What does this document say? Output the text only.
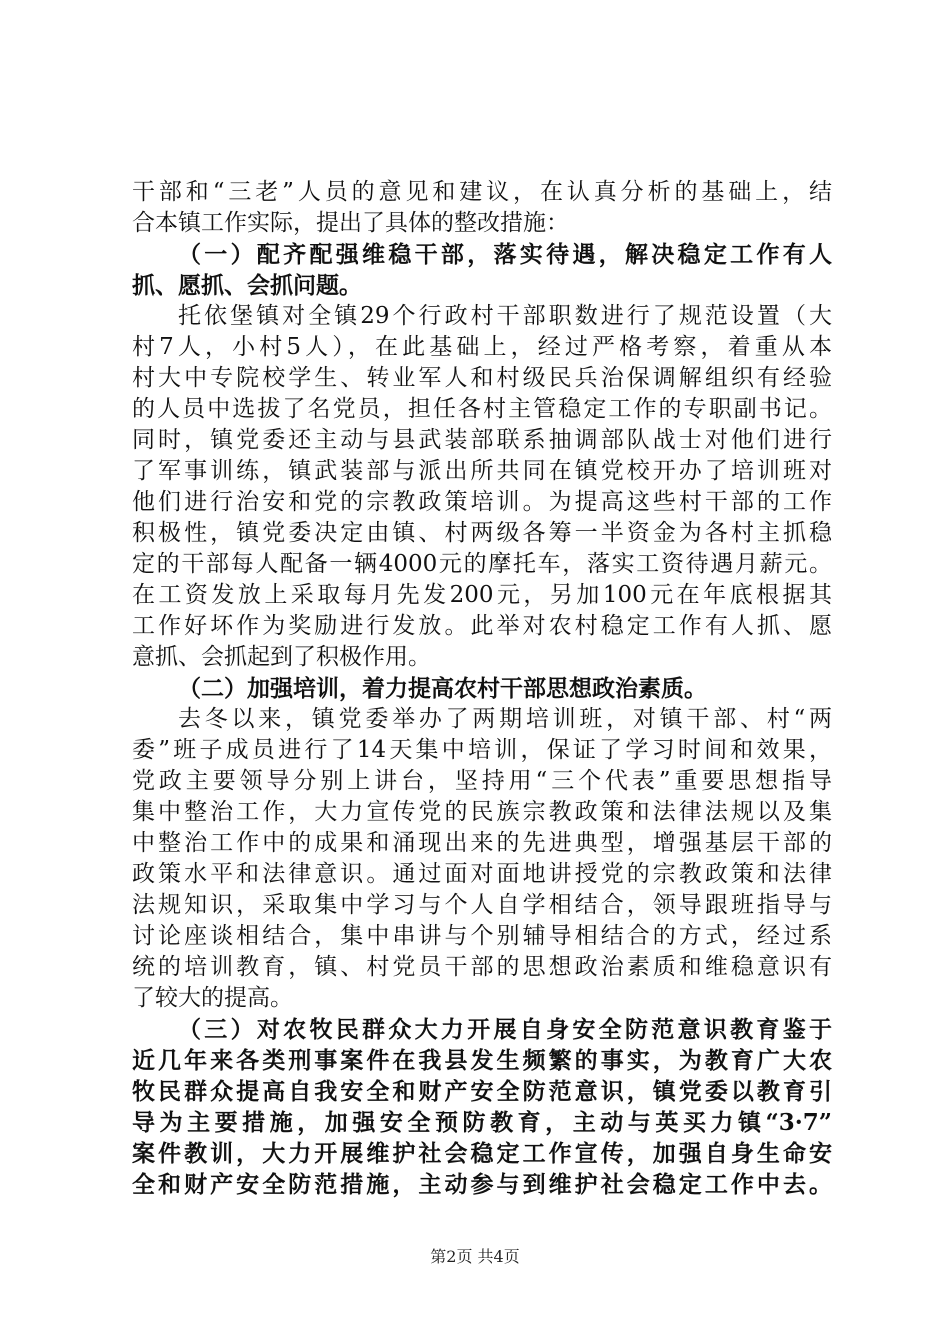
干部和“三老”人员的意见和建议，在认真分析的基础上，结
合本镇工作实际，提出了具体的整改措施：
（一）配齐配强维稳干部，落实待遇，解决稳定工作有人
抓、愿抓、会抓问题。
托依堡镇对全镇29个行政村干部职数进行了规范设置（大
村7人，小村5人），在此基础上，经过严格考察，着重从本
村大中专院校学生、转业军人和村级民兵治保调解组织有经验
的人员中选拔了名党员，担任各村主管稳定工作的专职副书记。
同时，镇党委还主动与县武装部联系抽调部队战士对他们进行
了军事训练，镇武装部与派出所共同在镇党校开办了培训班对
他们进行治安和党的宗教政策培训。为提高这些村干部的工作
积极性，镇党委决定由镇、村两级各筹一半资金为各村主抓稳
定的干部每人配备一辆4000元的摩托车，落实工资待遇月薪元。
在工资发放上采取每月先发200元，另加100元在年底根据其
工作好坏作为奖励进行发放。此举对农村稳定工作有人抓、愿
意抓、会抓起到了积极作用。
（二）加强培训，着力提高农村干部思想政治素质。
去冬以来，镇党委举办了两期培训班，对镇干部、村“两
委”班子成员进行了14天集中培训，保证了学习时间和效果，
党政主要领导分别上讲台，坚持用“三个代表”重要思想指导
集中整治工作，大力宣传党的民族宗教政策和法律法规以及集
中整治工作中的成果和涌现出来的先进典型，增强基层干部的
政策水平和法律意识。通过面对面地讲授党的宗教政策和法律
法规知识，采取集中学习与个人自学相结合，领导跟班指导与
讨论座谈相结合，集中串讲与个别辅导相结合的方式，经过系
统的培训教育，镇、村党员干部的思想政治素质和维稳意识有
了较大的提高。
（三）对农牧民群众大力开展自身安全防范意识教育鉴于
近几年来各类刑事案件在我县发生频繁的事实，为教育广大农
牧民群众提高自我安全和财产安全防范意识，镇党委以教育引
导为主要措施，加强安全预防教育，主动与英买力镇“3·7”
案件教训，大力开展维护社会稳定工作宣传，加强自身生命安
全和财产安全防范措施，主动参与到维护社会稳定工作中去。
第2页 共4页
